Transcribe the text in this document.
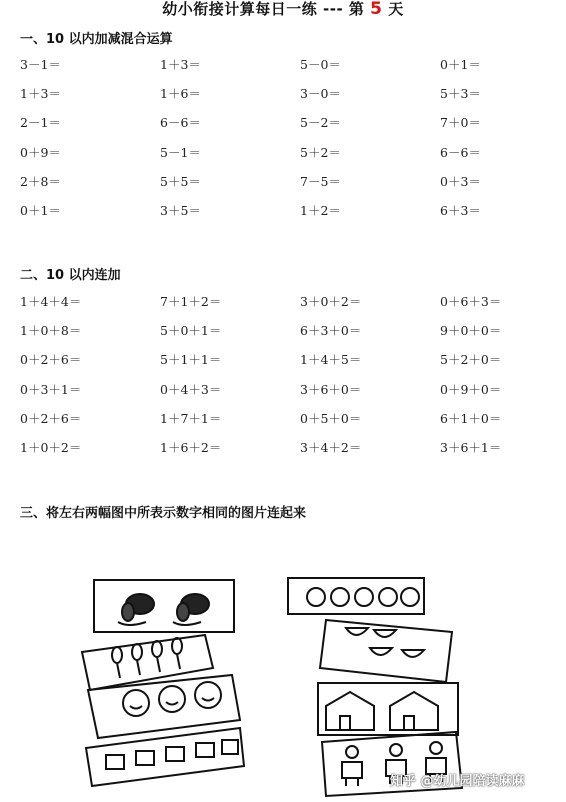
幼小衔接计算每日一练 --- 第 5 天
一、10 以内加减混合运算
3－1＝	1＋3＝	5－0＝	0＋1＝
1＋3＝	1＋6＝	3－0＝	5＋3＝
2－1＝	6－6＝	5－2＝	7＋0＝
0＋9＝	5－1＝	5＋2＝	6－6＝
2＋8＝	5＋5＝	7－5＝	0＋3＝
0＋1＝	3＋5＝	1＋2＝	6＋3＝
二、10 以内连加
1＋4＋4＝	7＋1＋2＝	3＋0＋2＝	0＋6＋3＝
1＋0＋8＝	5＋0＋1＝	6＋3＋0＝	9＋0＋0＝
0＋2＋6＝	5＋1＋1＝	1＋4＋5＝	5＋2＋0＝
0＋3＋1＝	0＋4＋3＝	3＋6＋0＝	0＋9＋0＝
0＋2＋6＝	1＋7＋1＝	0＋5＋0＝	6＋1＋0＝
1＋0＋2＝	1＋6＋2＝	3＋4＋2＝	3＋6＋1＝
三、将左右两幅图中所表示数字相同的图片连起来
知乎 @幼儿园陪读麻麻
